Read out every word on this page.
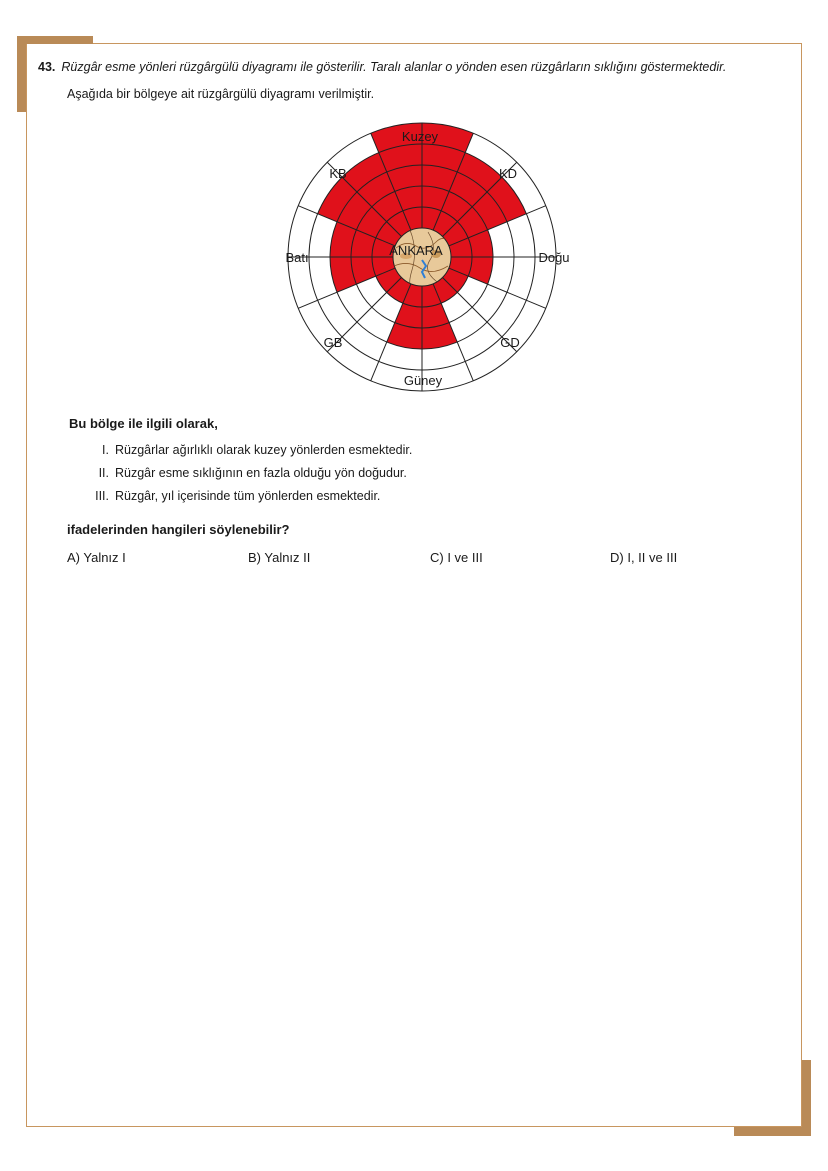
43. Rüzgâr esme yönleri rüzgârgülü diyagramı ile gösterilir. Taralı alanlar o yönden esen rüzgârların sıklığını göstermektedir.
Aşağıda bir bölgeye ait rüzgârgülü diyagramı verilmiştir.
ANKARA
Kuzey
KD
Doğu
GD
Güney
GB
Batı
KB
Bu bölge ile ilgili olarak,
I. Rüzgârlar ağırlıklı olarak kuzey yönlerden esmektedir.
II. Rüzgâr esme sıklığının en fazla olduğu yön doğudur.
III. Rüzgâr, yıl içerisinde tüm yönlerden esmektedir.
ifadelerinden hangileri söylenebilir?
A) Yalnız I	B) Yalnız II	C) I ve III	D) I, II ve III
